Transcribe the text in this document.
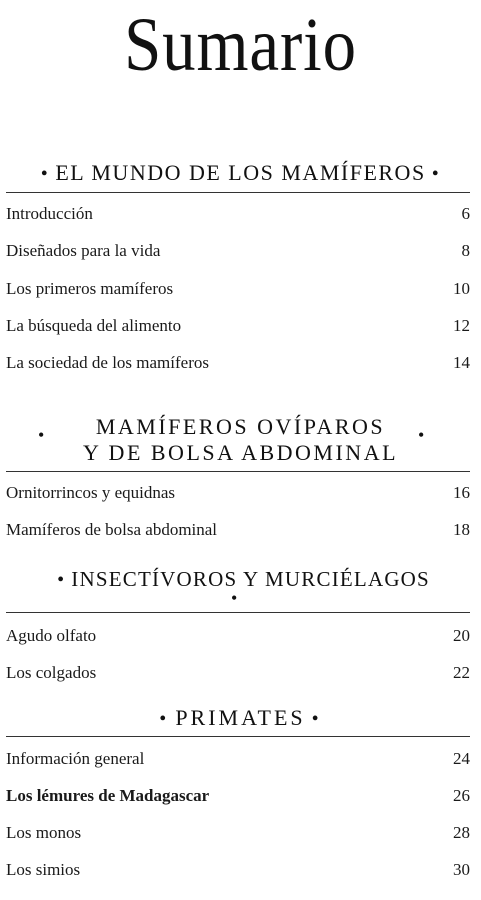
Sumario
• EL MUNDO DE LOS MAMÍFEROS •
Introducción	6
Diseñados para la vida	8
Los primeros mamíferos	10
La búsqueda del alimento	12
La sociedad de los mamíferos	14
MAMÍFEROS OVÍPAROS
Y DE BOLSA ABDOMINAL
•	•
Ornitorrincos y equidnas	16
Mamíferos de bolsa abdominal	18
• INSECTÍVOROS Y MURCIÉLAGOS
•
Agudo olfato	20
Los colgados	22
• PRIMATES •
Información general	24
Los lémures de Madagascar	26
Los monos	28
Los simios	30
